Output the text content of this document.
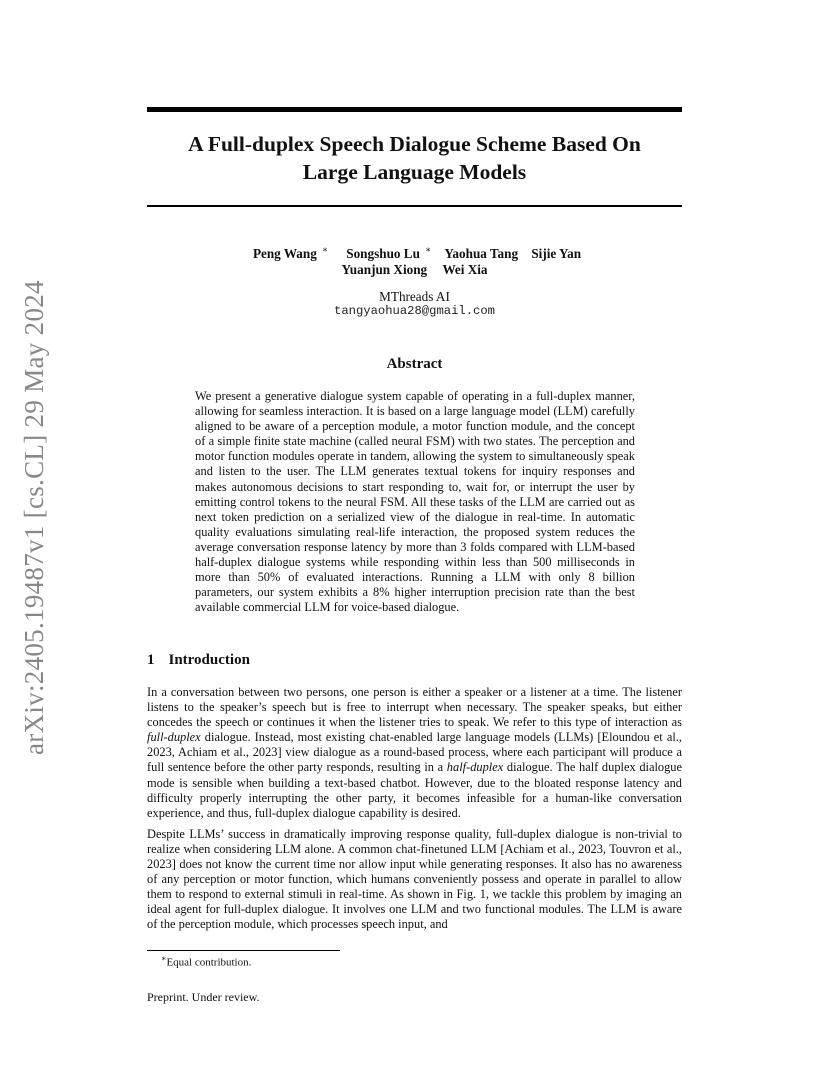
arXiv:2405.19487v1 [cs.CL] 29 May 2024
A Full-duplex Speech Dialogue Scheme Based On
Large Language Models
Peng Wang ∗ Songshuo Lu ∗ Yaohua Tang Sijie Yan
Yuanjun Xiong Wei Xia
MThreads AI
tangyaohua28@gmail.com
Abstract
We present a generative dialogue system capable of operating in a full-duplex manner, allowing for seamless interaction. It is based on a large language model (LLM) carefully aligned to be aware of a perception module, a motor function module, and the concept of a simple finite state machine (called neural FSM) with two states. The perception and motor function modules operate in tandem, allowing the system to simultaneously speak and listen to the user. The LLM generates textual tokens for inquiry responses and makes autonomous decisions to start responding to, wait for, or interrupt the user by emitting control tokens to the neural FSM. All these tasks of the LLM are carried out as next token prediction on a serialized view of the dialogue in real-time. In automatic quality evaluations simulating real-life interaction, the proposed system reduces the average conversation response latency by more than 3 folds compared with LLM-based half-duplex dialogue systems while responding within less than 500 milliseconds in more than 50% of evaluated interactions. Running a LLM with only 8 billion parameters, our system exhibits a 8% higher interruption precision rate than the best available commercial LLM for voice-based dialogue.
1 Introduction

In a conversation between two persons, one person is either a speaker or a listener at a time. The listener listens to the speaker’s speech but is free to interrupt when necessary. The speaker speaks, but either concedes the speech or continues it when the listener tries to speak. We refer to this type of interaction as full-duplex dialogue. Instead, most existing chat-enabled large language models (LLMs) [Eloundou et al., 2023, Achiam et al., 2023] view dialogue as a round-based process, where each participant will produce a full sentence before the other party responds, resulting in a half-duplex dialogue. The half duplex dialogue mode is sensible when building a text-based chatbot. However, due to the bloated response latency and difficulty properly interrupting the other party, it becomes infeasible for a human-like conversation experience, and thus, full-duplex dialogue capability is desired.

Despite LLMs’ success in dramatically improving response quality, full-duplex dialogue is non-trivial to realize when considering LLM alone. A common chat-finetuned LLM [Achiam et al., 2023, Touvron et al., 2023] does not know the current time nor allow input while generating responses. It also has no awareness of any perception or motor function, which humans conveniently possess and operate in parallel to allow them to respond to external stimuli in real-time. As shown in Fig. 1, we tackle this problem by imaging an ideal agent for full-duplex dialogue. It involves one LLM and two functional modules. The LLM is aware of the perception module, which processes speech input, and

∗Equal contribution.
Preprint. Under review.
